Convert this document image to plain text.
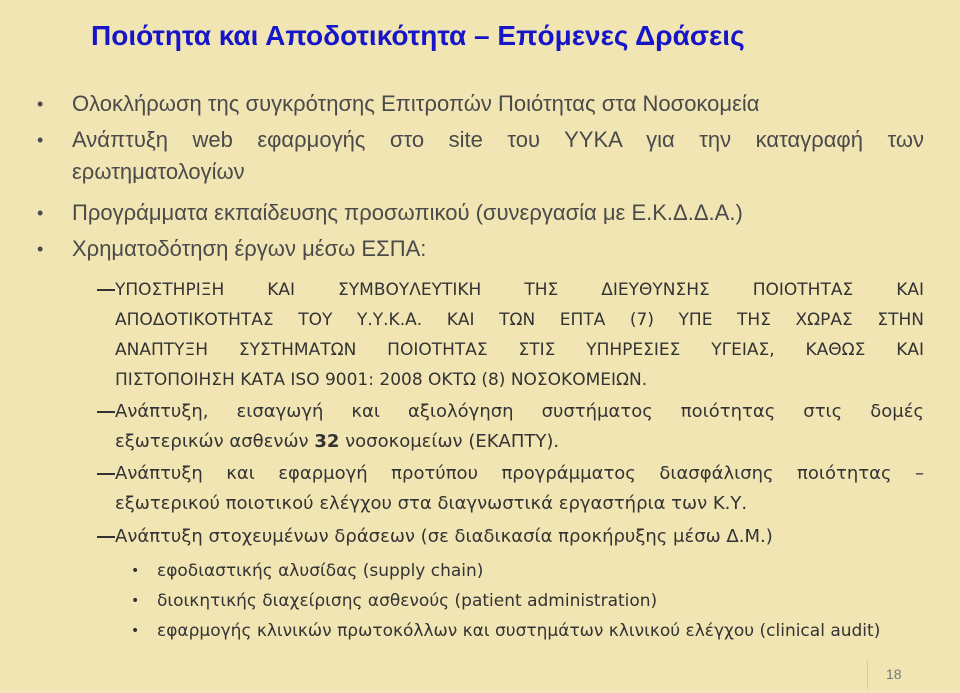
Ποιότητα και Αποδοτικότητα – Επόμενες Δράσεις
• Ολοκλήρωση της συγκρότησης Επιτροπών Ποιότητας στα Νοσοκομεία
• Ανάπτυξη web εφαρμογής στο site του ΥΥΚΑ για την καταγραφή των
ερωτηματολογίων
• Προγράμματα εκπαίδευσης προσωπικού (συνεργασία με Ε.Κ.Δ.Δ.Α.)
• Χρηματοδότηση έργων μέσω ΕΣΠΑ:
ΥΠΟΣΤΗΡΙΞΗ ΚΑΙ ΣΥΜΒΟΥΛΕΥΤΙΚΗ ΤΗΣ ΔΙΕΥΘΥΝΣΗΣ ΠΟΙΟΤΗΤΑΣ ΚΑΙ
ΑΠΟΔΟΤΙΚΟΤΗΤΑΣ ΤΟΥ Υ.Υ.Κ.Α. ΚΑΙ ΤΩΝ ΕΠΤΑ (7) ΥΠΕ ΤΗΣ ΧΩΡΑΣ ΣΤΗΝ
ΑΝΑΠΤΥΞΗ ΣΥΣΤΗΜΑΤΩΝ ΠΟΙΟΤΗΤΑΣ ΣΤΙΣ ΥΠΗΡΕΣΙΕΣ ΥΓΕΙΑΣ, ΚΑΘΩΣ ΚΑΙ
ΠΙΣΤΟΠΟΙΗΣΗ ΚΑΤΑ ISO 9001: 2008 ΟΚΤΩ (8) ΝΟΣΟΚΟΜΕΙΩΝ.
Ανάπτυξη, εισαγωγή και αξιολόγηση συστήματος ποιότητας στις δομές
εξωτερικών ασθενών 32 νοσοκομείων (ΕΚΑΠΤΥ).
Ανάπτυξη και εφαρμογή προτύπου προγράμματος διασφάλισης ποιότητας –
εξωτερικού ποιοτικού ελέγχου στα διαγνωστικά εργαστήρια των Κ.Υ.
Ανάπτυξη στοχευμένων δράσεων (σε διαδικασία προκήρυξης μέσω Δ.Μ.)
• εφοδιαστικής αλυσίδας (supply chain)
• διοικητικής διαχείρισης ασθενούς (patient administration)
• εφαρμογής κλινικών πρωτοκόλλων και συστημάτων κλινικού ελέγχου (clinical audit)
18
